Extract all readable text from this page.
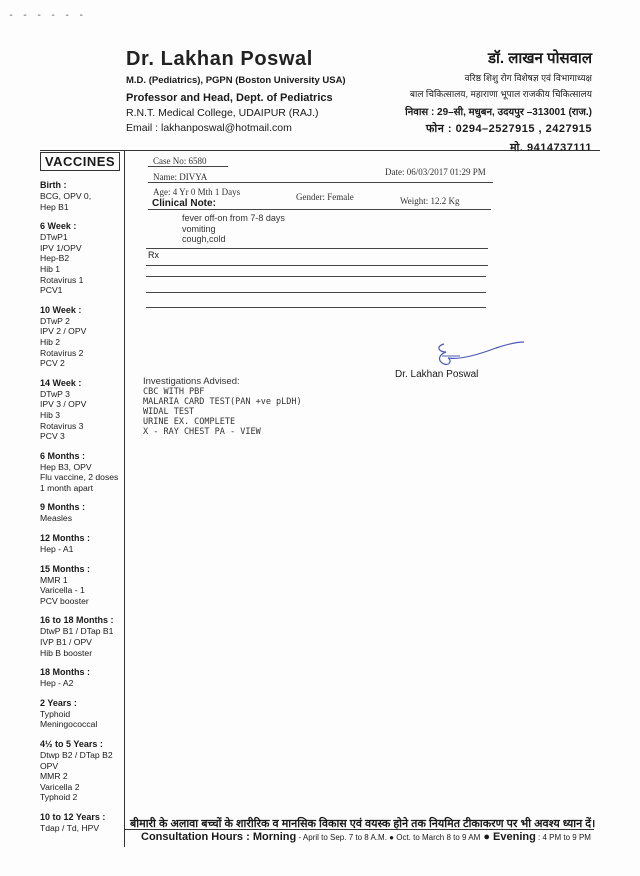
- - - - - -
Dr. Lakhan Poswal
M.D. (Pediatrics), PGPN (Boston University USA)
Professor and Head, Dept. of Pediatrics
R.N.T. Medical College, UDAIPUR (RAJ.)
Email : lakhanposwal@hotmail.com
डॉ. लाखन पोसवाल
वरिष्ठ शिशु रोग विशेषज्ञ एवं विभागाध्यक्ष
बाल चिकित्सालय, महाराणा भूपाल राजकीय चिकित्सालय
निवास : 29–सी, मधुबन, उदयपुर –313001 (राज.)
फोन : 0294–2527915 , 2427915
मो. 9414737111
VACCINES
Birth :
BCG, OPV 0,
Hep B1
6 Week :
DTwP1
IPV 1/OPV
Hep-B2
Hib 1
Rotavirus 1
PCV1
10 Week :
DTwP 2
IPV 2 / OPV
Hib 2
Rotavirus 2
PCV 2
14 Week :
DTwP 3
IPV 3 / OPV
Hib 3
Rotavirus 3
PCV 3
6 Months :
Hep B3, OPV
Flu vaccine, 2 doses
1 month apart
9 Months :
Measles
12 Months :
Hep - A1
15 Months :
MMR 1
Varicella - 1
PCV booster
16 to 18 Months :
DtwP B1 / DTap B1
IVP B1 / OPV
Hib B booster
18 Months :
Hep - A2
2 Years :
Typhoid
Meningococcal
4½ to 5 Years :
Dtwp B2 / DTap B2
OPV
MMR 2
Varicella 2
Typhoid 2
10 to 12 Years :
Tdap / Td, HPV
Case No: 6580
Name: DIVYA	Date: 06/03/2017 01:29 PM
Age: 4 Yr 0 Mth 1 Days	Gender: Female	Weight: 12.2 Kg
Clinical Note:
fever off-on from 7-8 days
vomiting
cough,cold
Rx
Dr. Lakhan Poswal
Investigations Advised:
CBC WITH PBF
MALARIA CARD TEST(PAN +ve pLDH)
WIDAL TEST
URINE EX. COMPLETE
X - RAY CHEST PA - VIEW
बीमारी के अलावा बच्चों के शारीरिक व मानसिक विकास एवं वयस्क होने तक नियमित टीकाकरण पर भी अवश्य ध्यान दें।
Consultation Hours : Morning - April to Sep. 7 to 8 A.M. ● Oct. to March 8 to 9 AM ● Evening : 4 PM to 9 PM
